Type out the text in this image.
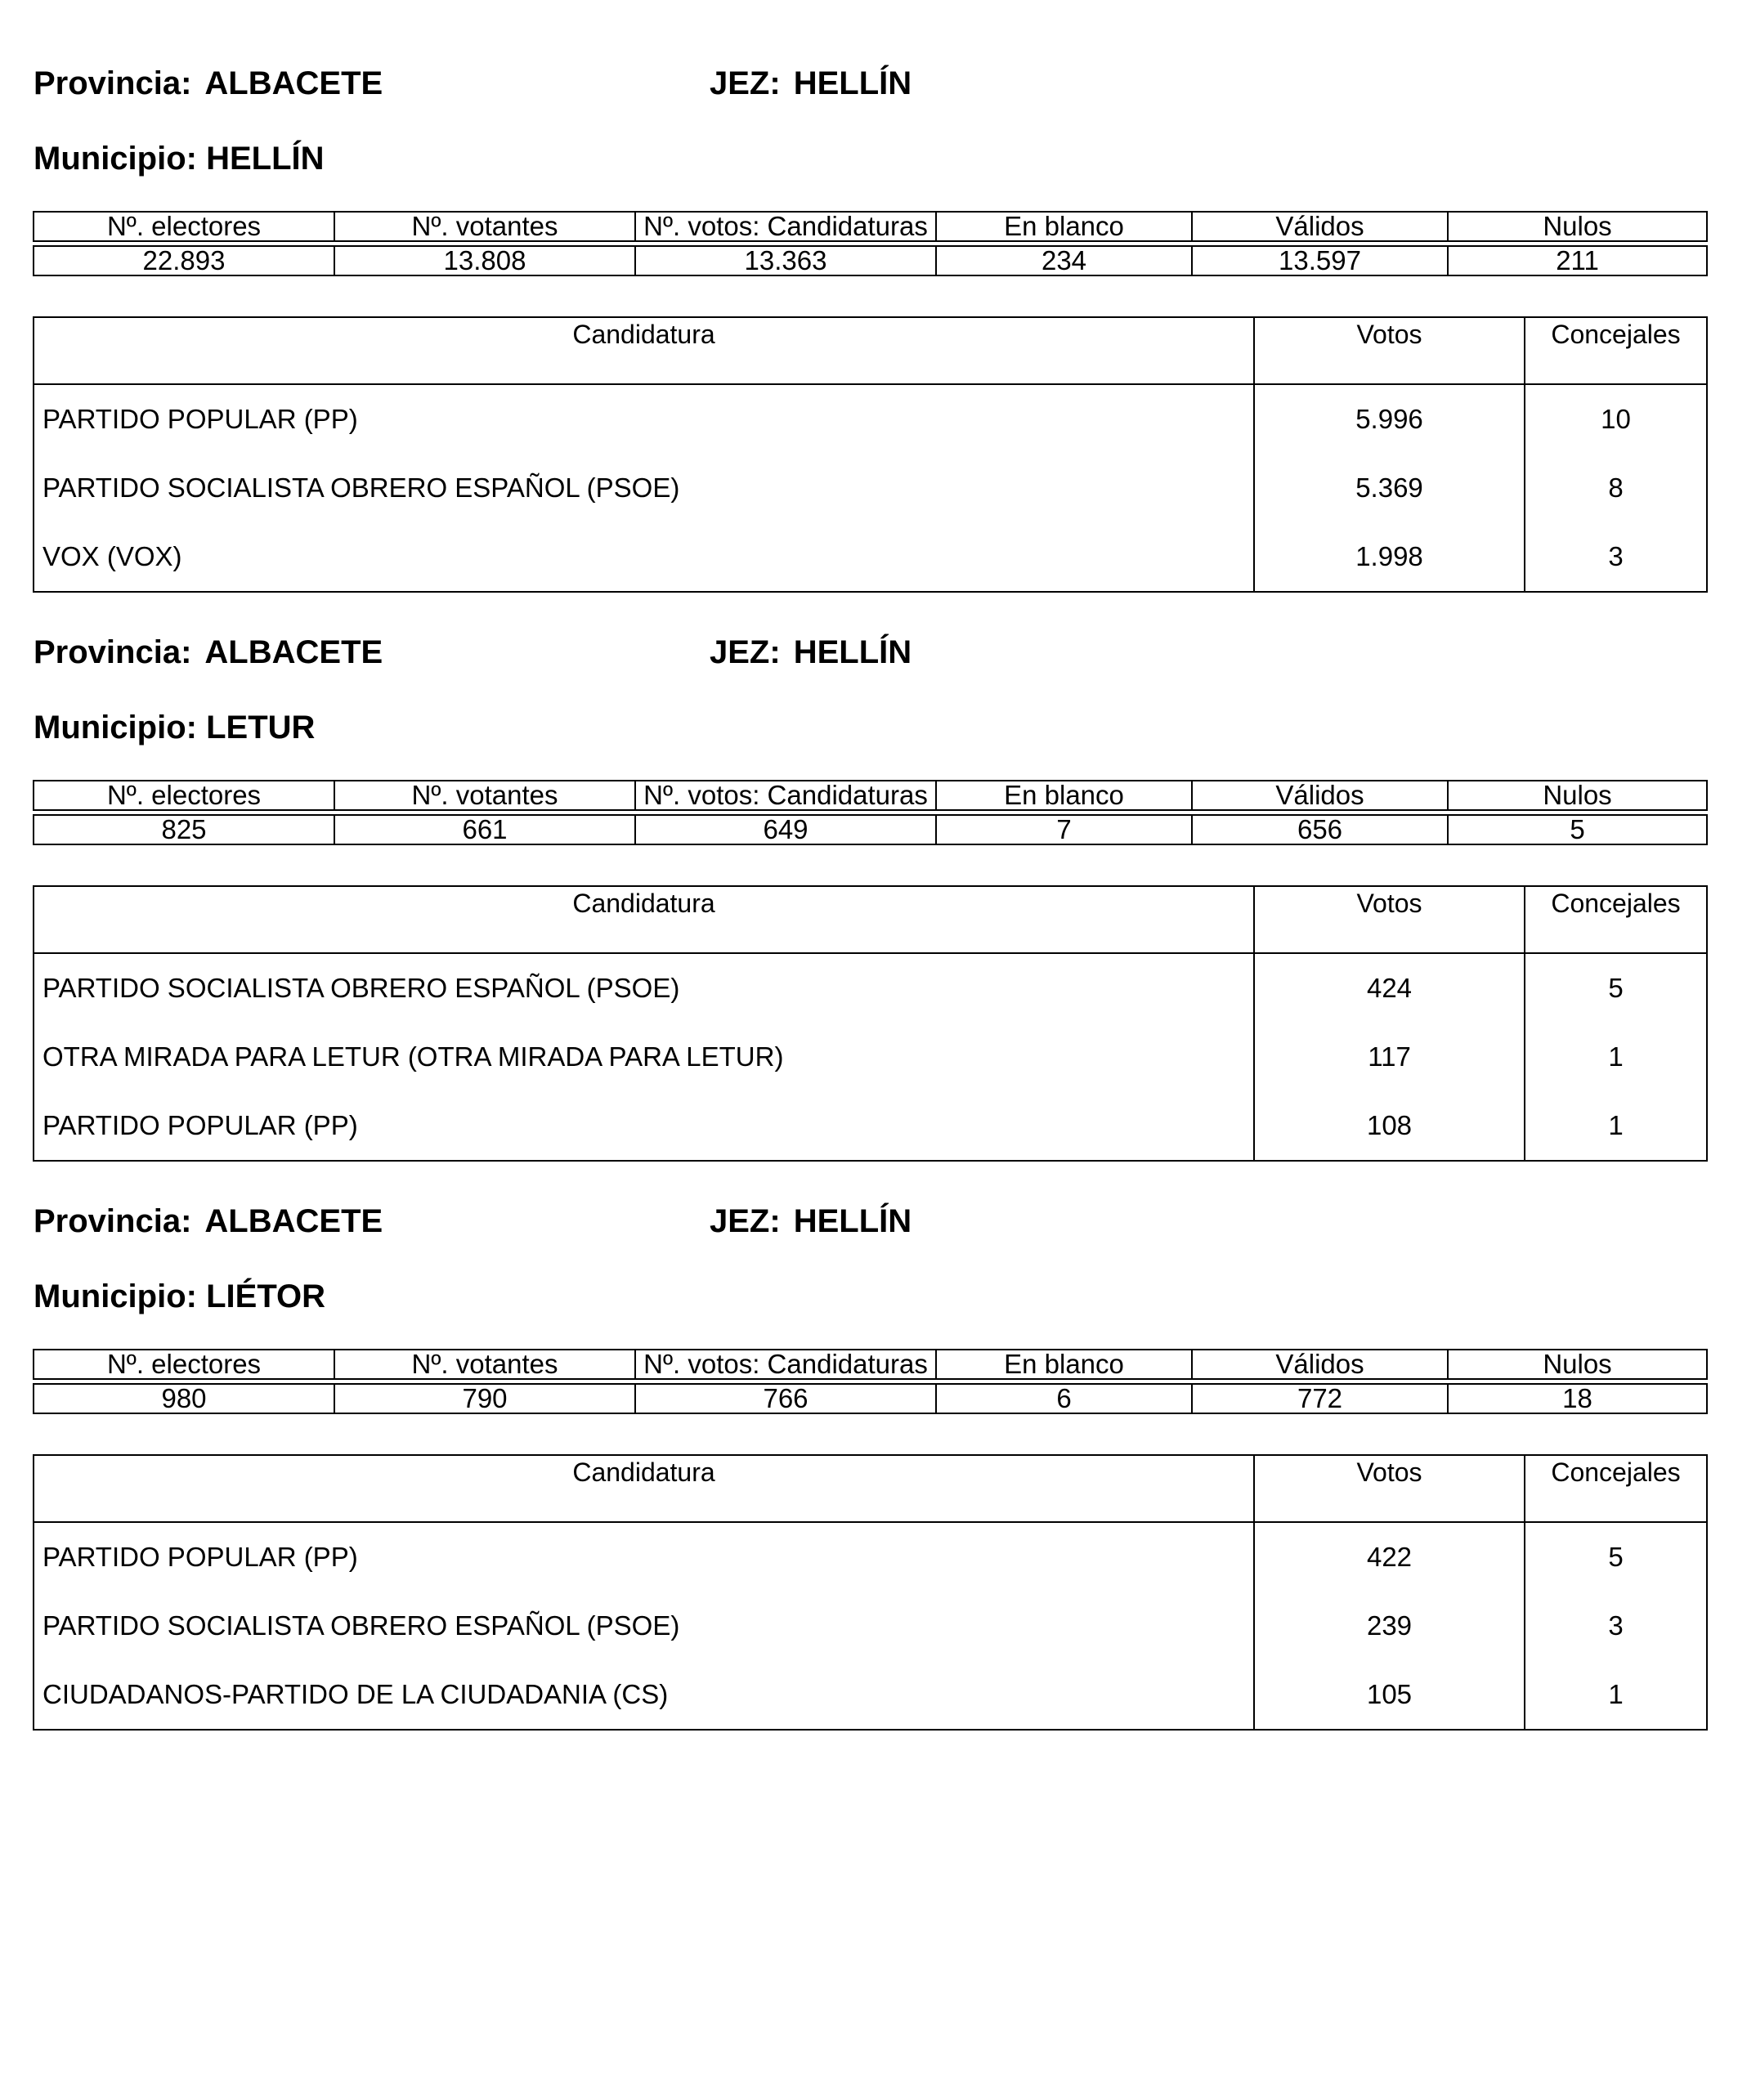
Provincia: ALBACETE	JEZ: HELLÍN
Municipio: HELLÍN
Nº. electores	Nº. votantes	Nº. votos: Candidaturas	En blanco	Válidos	Nulos

22.893	13.808	13.363	234	13.597	211
Candidatura	Votos	Concejales
PARTIDO POPULAR (PP)	5.996	10
PARTIDO SOCIALISTA OBRERO ESPAÑOL (PSOE)	5.369	8
VOX (VOX)	1.998	3
Provincia: ALBACETE	JEZ: HELLÍN
Municipio: LETUR
Nº. electores	Nº. votantes	Nº. votos: Candidaturas	En blanco	Válidos	Nulos

825	661	649	7	656	5
Candidatura	Votos	Concejales
PARTIDO SOCIALISTA OBRERO ESPAÑOL (PSOE)	424	5
OTRA MIRADA PARA LETUR (OTRA MIRADA PARA LETUR)	117	1
PARTIDO POPULAR (PP)	108	1
Provincia: ALBACETE	JEZ: HELLÍN
Municipio: LIÉTOR
Nº. electores	Nº. votantes	Nº. votos: Candidaturas	En blanco	Válidos	Nulos

980	790	766	6	772	18
Candidatura	Votos	Concejales
PARTIDO POPULAR (PP)	422	5
PARTIDO SOCIALISTA OBRERO ESPAÑOL (PSOE)	239	3
CIUDADANOS-PARTIDO DE LA CIUDADANIA (CS)	105	1
